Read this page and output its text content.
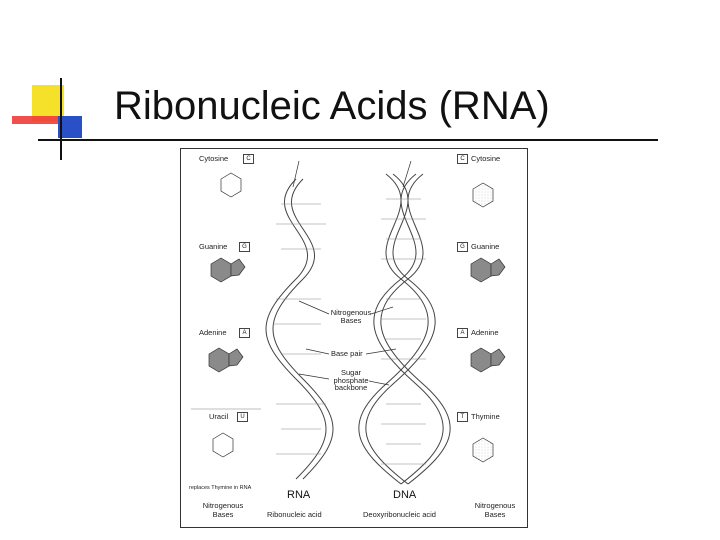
Ribonucleic Acids (RNA)
Cytosine	C
Guanine	G
Adenine	A
Uracil	U
replaces Thymine in RNA
C Cytosine
G Guanine
A Adenine
T Thymine
Nitrogenous Bases
Base pair
Sugar phosphate backbone
RNA	DNA
Ribonucleic acid	Deoxyribonucleic acid
Nitrogenous Bases
Nitrogenous Bases
